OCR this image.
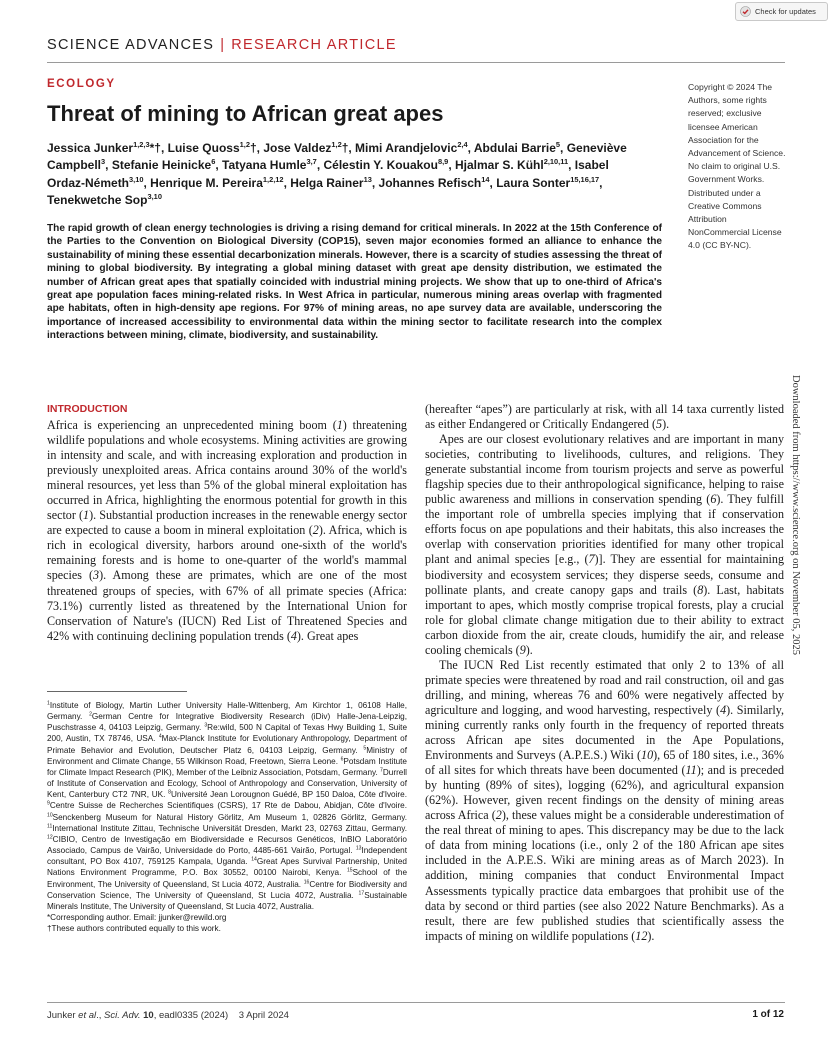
Check for updates
SCIENCE ADVANCES | RESEARCH ARTICLE
ECOLOGY
Threat of mining to African great apes
Jessica Junker$^{1,2,3}$*†, Luise Quoss$^{1,2}$†, Jose Valdez$^{1,2}$†, Mimi Arandjelovic$^{2,4}$, Abdulai Barrie$^5$, Geneviève Campbell$^3$, Stefanie Heinicke$^6$, Tatyana Humle$^{3,7}$, Célestin Y. Kouakou$^{8,9}$, Hjalmar S. Kühl$^{2,10,11}$, Isabel Ordaz-Németh$^{3,10}$, Henrique M. Pereira$^{1,2,12}$, Helga Rainer$^{13}$, Johannes Refisch$^{14}$, Laura Sonter$^{15,16,17}$, Tenekwetche Sop$^{3,10}$
Copyright © 2024 The Authors, some rights reserved; exclusive licensee American Association for the Advancement of Science. No claim to original U.S. Government Works. Distributed under a Creative Commons Attribution NonCommercial License 4.0 (CC BY-NC).
The rapid growth of clean energy technologies is driving a rising demand for critical minerals. In 2022 at the 15th Conference of the Parties to the Convention on Biological Diversity (COP15), seven major economies formed an alliance to enhance the sustainability of mining these essential decarbonization minerals. However, there is a scarcity of studies assessing the threat of mining to global biodiversity. By integrating a global mining dataset with great ape density distribution, we estimated the number of African great apes that spatially coincided with industrial mining projects. We show that up to one-third of Africa's great ape population faces mining-related risks. In West Africa in particular, numerous mining areas overlap with fragmented ape habitats, often in high-density ape regions. For 97% of mining areas, no ape survey data are available, underscoring the importance of increased accessibility to environmental data within the mining sector to facilitate research into the complex interactions between mining, climate, biodiversity, and sustainability.
INTRODUCTION

Africa is experiencing an unprecedented mining boom (1) threatening wildlife populations and whole ecosystems. Mining activities are growing in intensity and scale, and with increasing exploration and production in previously unexploited areas. Africa contains around 30% of the world's mineral resources, yet less than 5% of the global mineral exploitation has occurred in Africa, highlighting the enormous potential for growth in this sector (1). Substantial production increases in the renewable energy sector are expected to cause a boom in mineral exploitation (2). Africa, which is rich in ecological diversity, harbors around one-sixth of the world's remaining forests and is home to one-quarter of the world's mammal species (3). Among these are primates, which are one of the most threatened groups of species, with 67% of all primate species (Africa: 73.1%) currently listed as threatened by the International Union for Conservation of Nature's (IUCN) Red List of Threatened Species and 42% with continuing declining population trends (4). Great apes

(hereafter “apes”) are particularly at risk, with all 14 taxa currently listed as either Endangered or Critically Endangered (5).

Apes are our closest evolutionary relatives and are important in many societies, contributing to livelihoods, cultures, and religions. They generate substantial income from tourism projects and serve as powerful flagship species due to their anthropological significance, helping to raise public awareness and millions in conservation spending (6). They fulfill the important role of umbrella species implying that if conservation efforts focus on ape populations and their habitats, this also increases the overlap with conservation priorities identified for many other tropical plant and animal species [e.g., (7)]. They are essential for maintaining biodiversity and ecosystem services; they disperse seeds, consume and pollinate plants, and create canopy gaps and trails (8). Last, habitats important to apes, which mostly comprise tropical forests, play a crucial role for global climate change mitigation due to their ability to extract carbon dioxide from the air, create clouds, humidify the air, and release cooling chemicals (9).

The IUCN Red List recently estimated that only 2 to 13% of all primate species were threatened by road and rail construction, oil and gas drilling, and mining, whereas 76 and 60% were negatively affected by agriculture and logging, and wood harvesting, respectively (4). Similarly, mining currently ranks only fourth in the frequency of reported threats across African ape sites documented in the Ape Populations, Environments and Surveys (A.P.E.S.) Wiki (10), 65 of 180 sites, i.e., 36% of all sites for which threats have been documented (11); and is preceded by hunting (89% of sites), logging (62%), and agricultural expansion (62%). However, given recent findings on the density of mining areas across Africa (2), these values might be a considerable underestimation of the real threat of mining to apes. This discrepancy may be due to the lack of data from mining locations (i.e., only 2 of the 180 African ape sites included in the A.P.E.S. Wiki are mining areas as of March 2023). In addition, mining companies that conduct Environmental Impact Assessments typically practice data embargoes that prohibit use of the data by second or third parties (see also 2022 Nature Benchmarks). As a result, there are few published studies that scientifically assess the impacts of mining on wildlife populations (12).

$^1$Institute of Biology, Martin Luther University Halle-Wittenberg, Am Kirchtor 1, 06108 Halle, Germany. $^2$German Centre for Integrative Biodiversity Research (iDiv) Halle-Jena-Leipzig, Puschstrasse 4, 04103 Leipzig, Germany. $^3$Re:wild, 500 N Capital of Texas Hwy Building 1, Suite 200, Austin, TX 78746, USA. $^4$Max-Planck Institute for Evolutionary Anthropology, Department of Primate Behavior and Evolution, Deutscher Platz 6, 04103 Leipzig, Germany. $^5$Ministry of Environment and Climate Change, 55 Wilkinson Road, Freetown, Sierra Leone. $^6$Potsdam Institute for Climate Impact Research (PIK), Member of the Leibniz Association, Potsdam, Germany. $^7$Durrell of Institute of Conservation and Ecology, School of Anthropology and Conservation, University of Kent, Canterbury CT2 7NR, UK. $^8$Université Jean Lorougnon Guédé, BP 150 Daloa, Côte d'Ivoire. $^9$Centre Suisse de Recherches Scientifiques (CSRS), 17 Rte de Dabou, Abidjan, Côte d'Ivoire. $^{10}$Senckenberg Museum for Natural History Görlitz, Am Museum 1, 02826 Görlitz, Germany. $^{11}$International Institute Zittau, Technische Universität Dresden, Markt 23, 02763 Zittau, Germany. $^{12}$CIBIO, Centro de Investigação em Biodiversidade e Recursos Genéticos, InBIO Laboratório Associado, Campus de Vairão, Universidade do Porto, 4485-661 Vairão, Portugal. $^{13}$Independent consultant, PO Box 4107, 759125 Kampala, Uganda. $^{14}$Great Apes Survival Partnership, United Nations Environment Programme, P.O. Box 30552, 00100 Nairobi, Kenya. $^{15}$School of the Environment, The University of Queensland, St Lucia 4072, Australia. $^{16}$Centre for Biodiversity and Conservation Science, The University of Queensland, St Lucia 4072, Australia. $^{17}$Sustainable Minerals Institute, The University of Queensland, St Lucia 4072, Australia.

*Corresponding author. Email: jjunker@rewild.org

†These authors contributed equally to this work.

Downloaded from https://www.science.org on November 05, 2025
Junker et al., Sci. Adv. 10, eadl0335 (2024)    3 April 2024	1 of 12
